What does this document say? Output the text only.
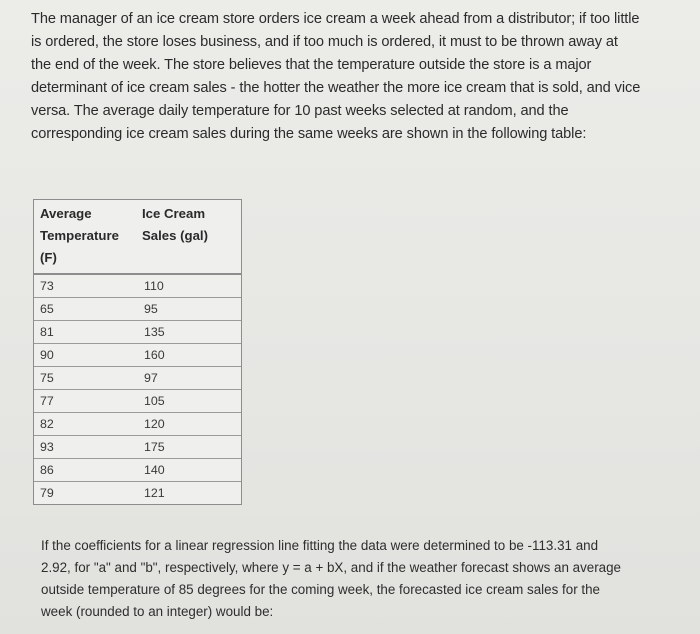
The manager of an ice cream store orders ice cream a week ahead from a distributor; if too little is ordered, the store loses business, and if too much is ordered, it must to be thrown away at the end of the week. The store believes that the temperature outside the store is a major determinant of ice cream sales - the hotter the weather the more ice cream that is sold, and vice versa. The average daily temperature for 10 past weeks selected at random, and the corresponding ice cream sales during the same weeks are shown in the following table:

Average Temperature (F)	Ice Cream Sales (gal)
73	110
65	95
81	135
90	160
75	97
77	105
82	120
93	175
86	140
79	121

If the coefficients for a linear regression line fitting the data were determined to be -113.31 and 2.92, for "a" and "b", respectively, where y = a + bX, and if the weather forecast shows an average outside temperature of 85 degrees for the coming week, the forecasted ice cream sales for the week (rounded to an integer) would be:
